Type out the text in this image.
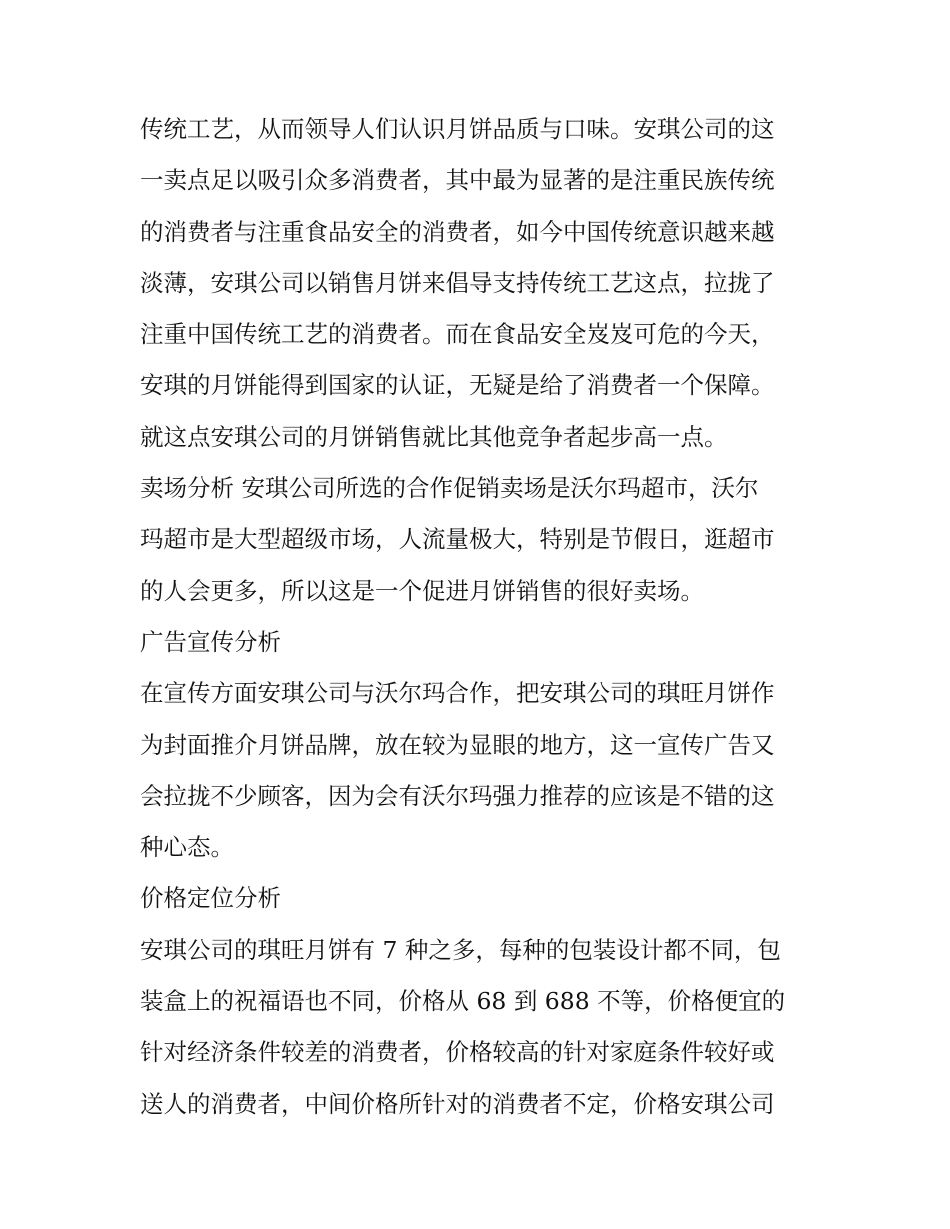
传统工艺，从而领导人们认识月饼品质与口味。安琪公司的这
一卖点足以吸引众多消费者，其中最为显著的是注重民族传统
的消费者与注重食品安全的消费者，如今中国传统意识越来越
淡薄，安琪公司以销售月饼来倡导支持传统工艺这点，拉拢了
注重中国传统工艺的消费者。而在食品安全岌岌可危的今天，
安琪的月饼能得到国家的认证，无疑是给了消费者一个保障。
就这点安琪公司的月饼销售就比其他竞争者起步高一点。
卖场分析 安琪公司所选的合作促销卖场是沃尔玛超市，沃尔
玛超市是大型超级市场，人流量极大，特别是节假日，逛超市
的人会更多，所以这是一个促进月饼销售的很好卖场。
广告宣传分析
在宣传方面安琪公司与沃尔玛合作，把安琪公司的琪旺月饼作
为封面推介月饼品牌，放在较为显眼的地方，这一宣传广告又
会拉拢不少顾客，因为会有沃尔玛强力推荐的应该是不错的这
种心态。
价格定位分析
安琪公司的琪旺月饼有 7 种之多，每种的包装设计都不同，包
装盒上的祝福语也不同，价格从 68 到 688 不等，价格便宜的
针对经济条件较差的消费者，价格较高的针对家庭条件较好或
送人的消费者，中间价格所针对的消费者不定，价格安琪公司
